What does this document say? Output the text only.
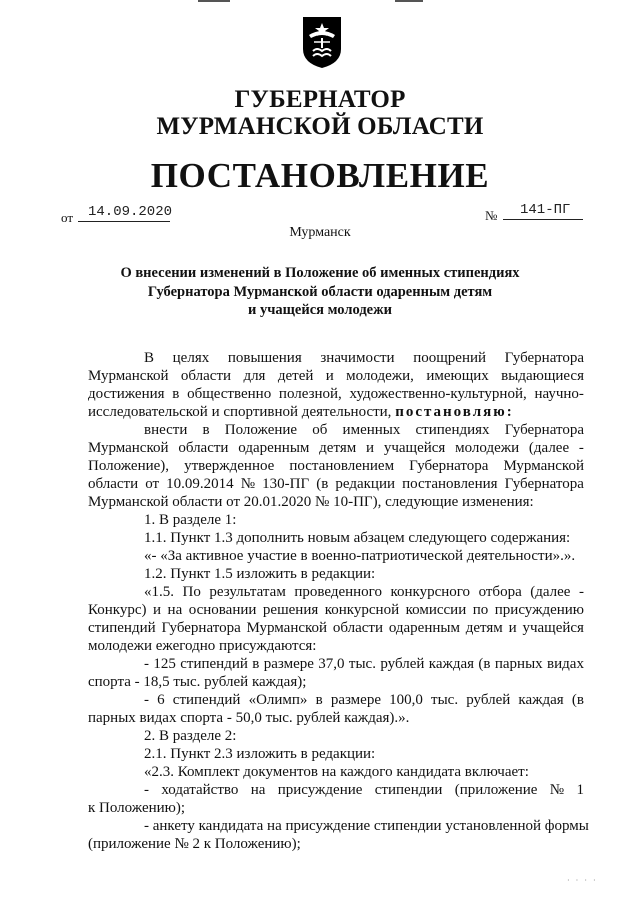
ГУБЕРНАТОР
МУРМАНСКОЙ ОБЛАСТИ
ПОСТАНОВЛЕНИЕ
от 14.09.2020	№ 141-ПГ
Мурманск
О внесении изменений в Положение об именных стипендиях
Губернатора Мурманской области одаренным детям
и учащейся молодежи
В целях повышения значимости поощрений Губернатора
Мурманской области для детей и молодежи, имеющих выдающиеся
достижения в общественно полезной, художественно-культурной, научно-
исследовательской и спортивной деятельности, постановляю:
внести в Положение об именных стипендиях Губернатора
Мурманской области одаренным детям и учащейся молодежи (далее -
Положение), утвержденное постановлением Губернатора Мурманской
области от 10.09.2014 № 130-ПГ (в редакции постановления Губернатора
Мурманской области от 20.01.2020 № 10-ПГ), следующие изменения:
1. В разделе 1:
1.1. Пункт 1.3 дополнить новым абзацем следующего содержания:
«- «За активное участие в военно-патриотической деятельности».».
1.2. Пункт 1.5 изложить в редакции:
«1.5. По результатам проведенного конкурсного отбора (далее -
Конкурс) и на основании решения конкурсной комиссии по присуждению
стипендий Губернатора Мурманской области одаренным детям и учащейся
молодежи ежегодно присуждаются:
- 125 стипендий в размере 37,0 тыс. рублей каждая (в парных видах
спорта - 18,5 тыс. рублей каждая);
- 6 стипендий «Олимп» в размере 100,0 тыс. рублей каждая (в
парных видах спорта - 50,0 тыс. рублей каждая).».
2. В разделе 2:
2.1. Пункт 2.3 изложить в редакции:
«2.3. Комплект документов на каждого кандидата включает:
- ходатайство на присуждение стипендии (приложение № 1
к Положению);
- анкету кандидата на присуждение стипендии установленной формы
(приложение № 2 к Положению);
· · · ·
